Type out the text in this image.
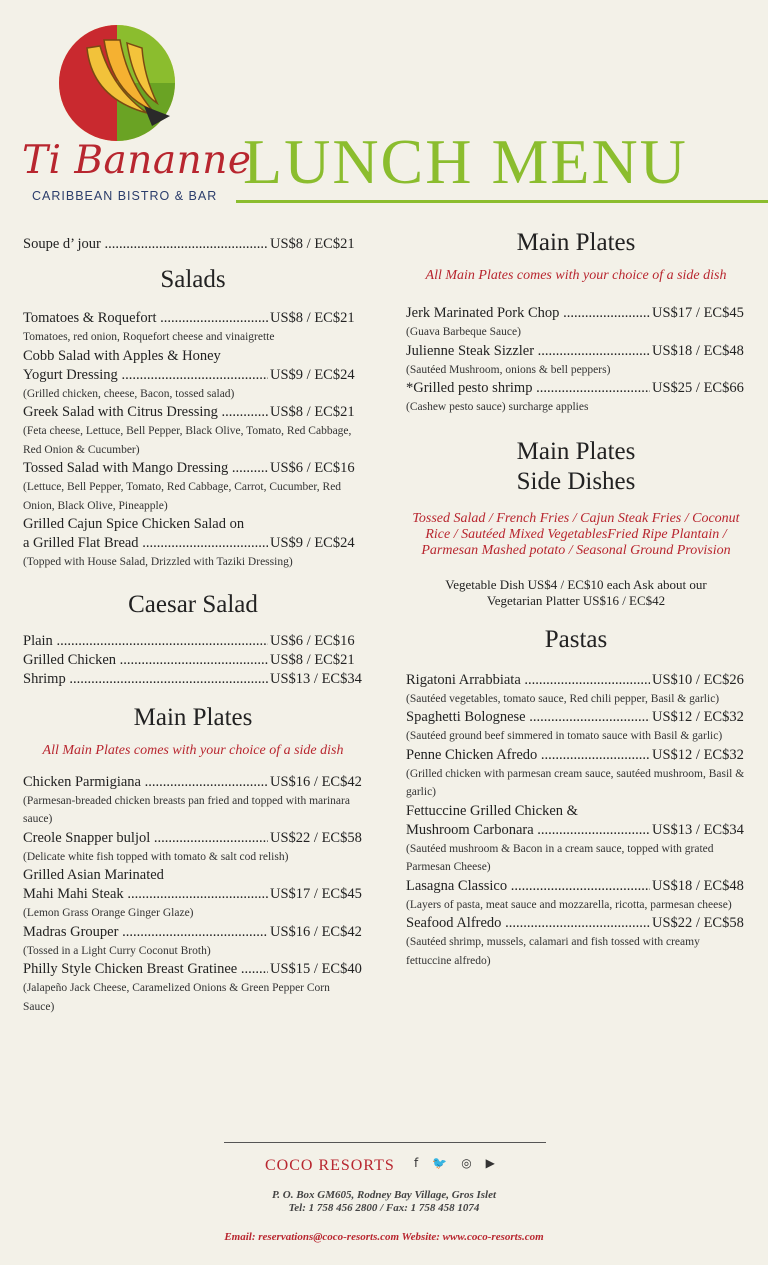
Ti Bananne
CARIBBEAN BISTRO & BAR LUNCH MENU
Soupe d’ jour .....	US$8 / EC$21
Salads
Tomatoes & Roquefort .....	US$8 / EC$21
Tomatoes, red onion, Roquefort cheese and vinaigrette
Cobb Salad with Apples & Honey
Yogurt Dressing .....	US$9 / EC$24
(Grilled chicken, cheese, Bacon, tossed salad)
Greek Salad with Citrus Dressing .....	US$8 / EC$21
(Feta cheese, Lettuce, Bell Pepper, Black Olive, Tomato, Red Cabbage, Red Onion & Cucumber)
Tossed Salad with Mango Dressing .....	US$6 / EC$16
(Lettuce, Bell Pepper, Tomato, Red Cabbage, Carrot, Cucumber, Red Onion, Black Olive, Pineapple)
Grilled Cajun Spice Chicken Salad on
a Grilled Flat Bread .....	US$9 / EC$24
(Topped with House Salad, Drizzled with Taziki Dressing)
Caesar Salad
Plain .....	US$6 / EC$16
Grilled Chicken .....	US$8 / EC$21
Shrimp .....	US$13 / EC$34
Main Plates
All Main Plates comes with your choice of a side dish
Chicken Parmigiana .....	US$16 / EC$42
(Parmesan-breaded chicken breasts pan fried and topped with marinara sauce)
Creole Snapper buljol .....	US$22 / EC$58
(Delicate white fish topped with tomato & salt cod relish)
Grilled Asian Marinated
Mahi Mahi Steak .....	US$17 / EC$45
(Lemon Grass Orange Ginger Glaze)
Madras Grouper .....	US$16 / EC$42
(Tossed in a Light Curry Coconut Broth)
Philly Style Chicken Breast Gratinee .....	US$15 / EC$40
(Jalapeño Jack Cheese, Caramelized Onions & Green Pepper Corn Sauce)
Main Plates
All Main Plates comes with your choice of a side dish
Jerk Marinated Pork Chop .....	US$17 / EC$45
(Guava Barbeque Sauce)
Julienne Steak Sizzler .....	US$18 / EC$48
(Sautéed Mushroom, onions & bell peppers)
*Grilled pesto shrimp .....	US$25 / EC$66
(Cashew pesto sauce) surcharge applies
Main Plates
Side Dishes
Tossed Salad / French Fries / Cajun Steak Fries / Coconut Rice / Sautéed Mixed VegetablesFried Ripe Plantain / Parmesan Mashed potato / Seasonal Ground Provision
Vegetable Dish US$4 / EC$10 each Ask about our Vegetarian Platter US$16 / EC$42
Pastas
Rigatoni Arrabbiata .....	US$10 / EC$26
(Sautéed vegetables, tomato sauce, Red chili pepper, Basil & garlic)
Spaghetti Bolognese .....	US$12 / EC$32
(Sautéed ground beef simmered in tomato sauce with Basil & garlic)
Penne Chicken Afredo .....	US$12 / EC$32
(Grilled chicken with parmesan cream sauce, sautéed mushroom, Basil & garlic)
Fettuccine Grilled Chicken &
Mushroom Carbonara .....	US$13 / EC$34
(Sautéed mushroom & Bacon in a cream sauce, topped with grated Parmesan Cheese)
Lasagna Classico .....	US$18 / EC$48
(Layers of pasta, meat sauce and mozzarella, ricotta, parmesan cheese)
Seafood Alfredo .....	US$22 / EC$58
(Sautéed shrimp, mussels, calamari and fish tossed with creamy fettuccine alfredo)
COCO RESORTS f 🐦 ◎ ▶
P. O. Box GM605, Rodney Bay Village, Gros Islet
Tel: 1 758 456 2800 / Fax: 1 758 458 1074
Email: reservations@coco-resorts.com Website: www.coco-resorts.com
